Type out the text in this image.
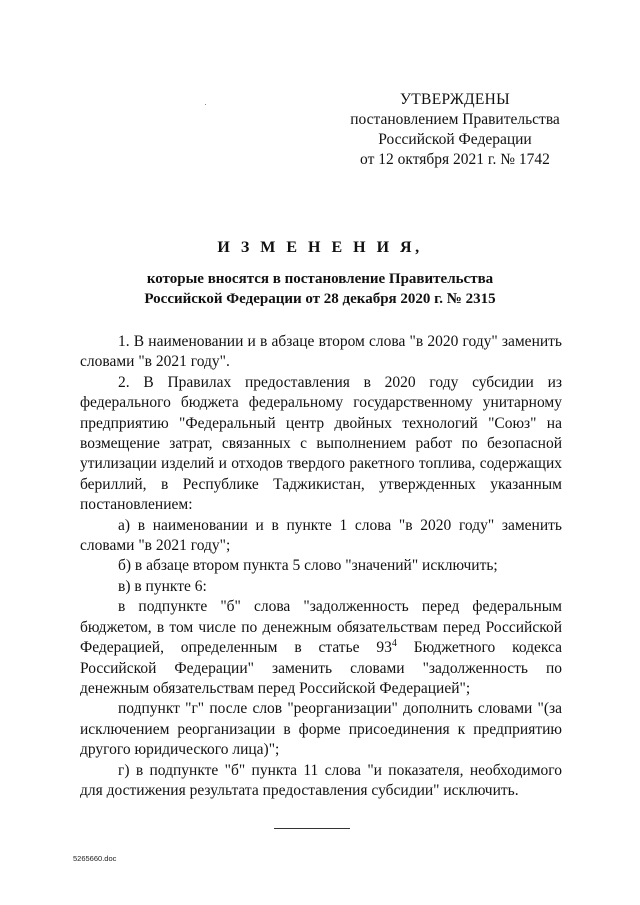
УТВЕРЖДЕНЫ
постановлением Правительства
Российской Федерации
от 12 октября 2021 г. № 1742
И З М Е Н Е Н И Я,
которые вносятся в постановление Правительства
Российской Федерации от 28 декабря 2020 г. № 2315

1. В наименовании и в абзаце втором слова "в 2020 году" заменить словами "в 2021 году".

2. В Правилах предоставления в 2020 году субсидии из федерального бюджета федеральному государственному унитарному предприятию "Федеральный центр двойных технологий "Союз" на возмещение затрат, связанных с выполнением работ по безопасной утилизации изделий и отходов твердого ракетного топлива, содержащих бериллий, в Республике Таджикистан, утвержденных указанным постановлением:

а) в наименовании и в пункте 1 слова "в 2020 году" заменить словами "в 2021 году";

б) в абзаце втором пункта 5 слово "значений" исключить;

в) в пункте 6:

в подпункте "б" слова "задолженность перед федеральным бюджетом, в том числе по денежным обязательствам перед Российской Федерацией, определенным в статье $93^4$ Бюджетного кодекса Российской Федерации" заменить словами "задолженность по денежным обязательствам перед Российской Федерацией";

подпункт "г" после слов "реорганизации" дополнить словами "(за исключением реорганизации в форме присоединения к предприятию другого юридического лица)";

г) в подпункте "б" пункта 11 слова "и показателя, необходимого для достижения результата предоставления субсидии" исключить.

5265660.doc
